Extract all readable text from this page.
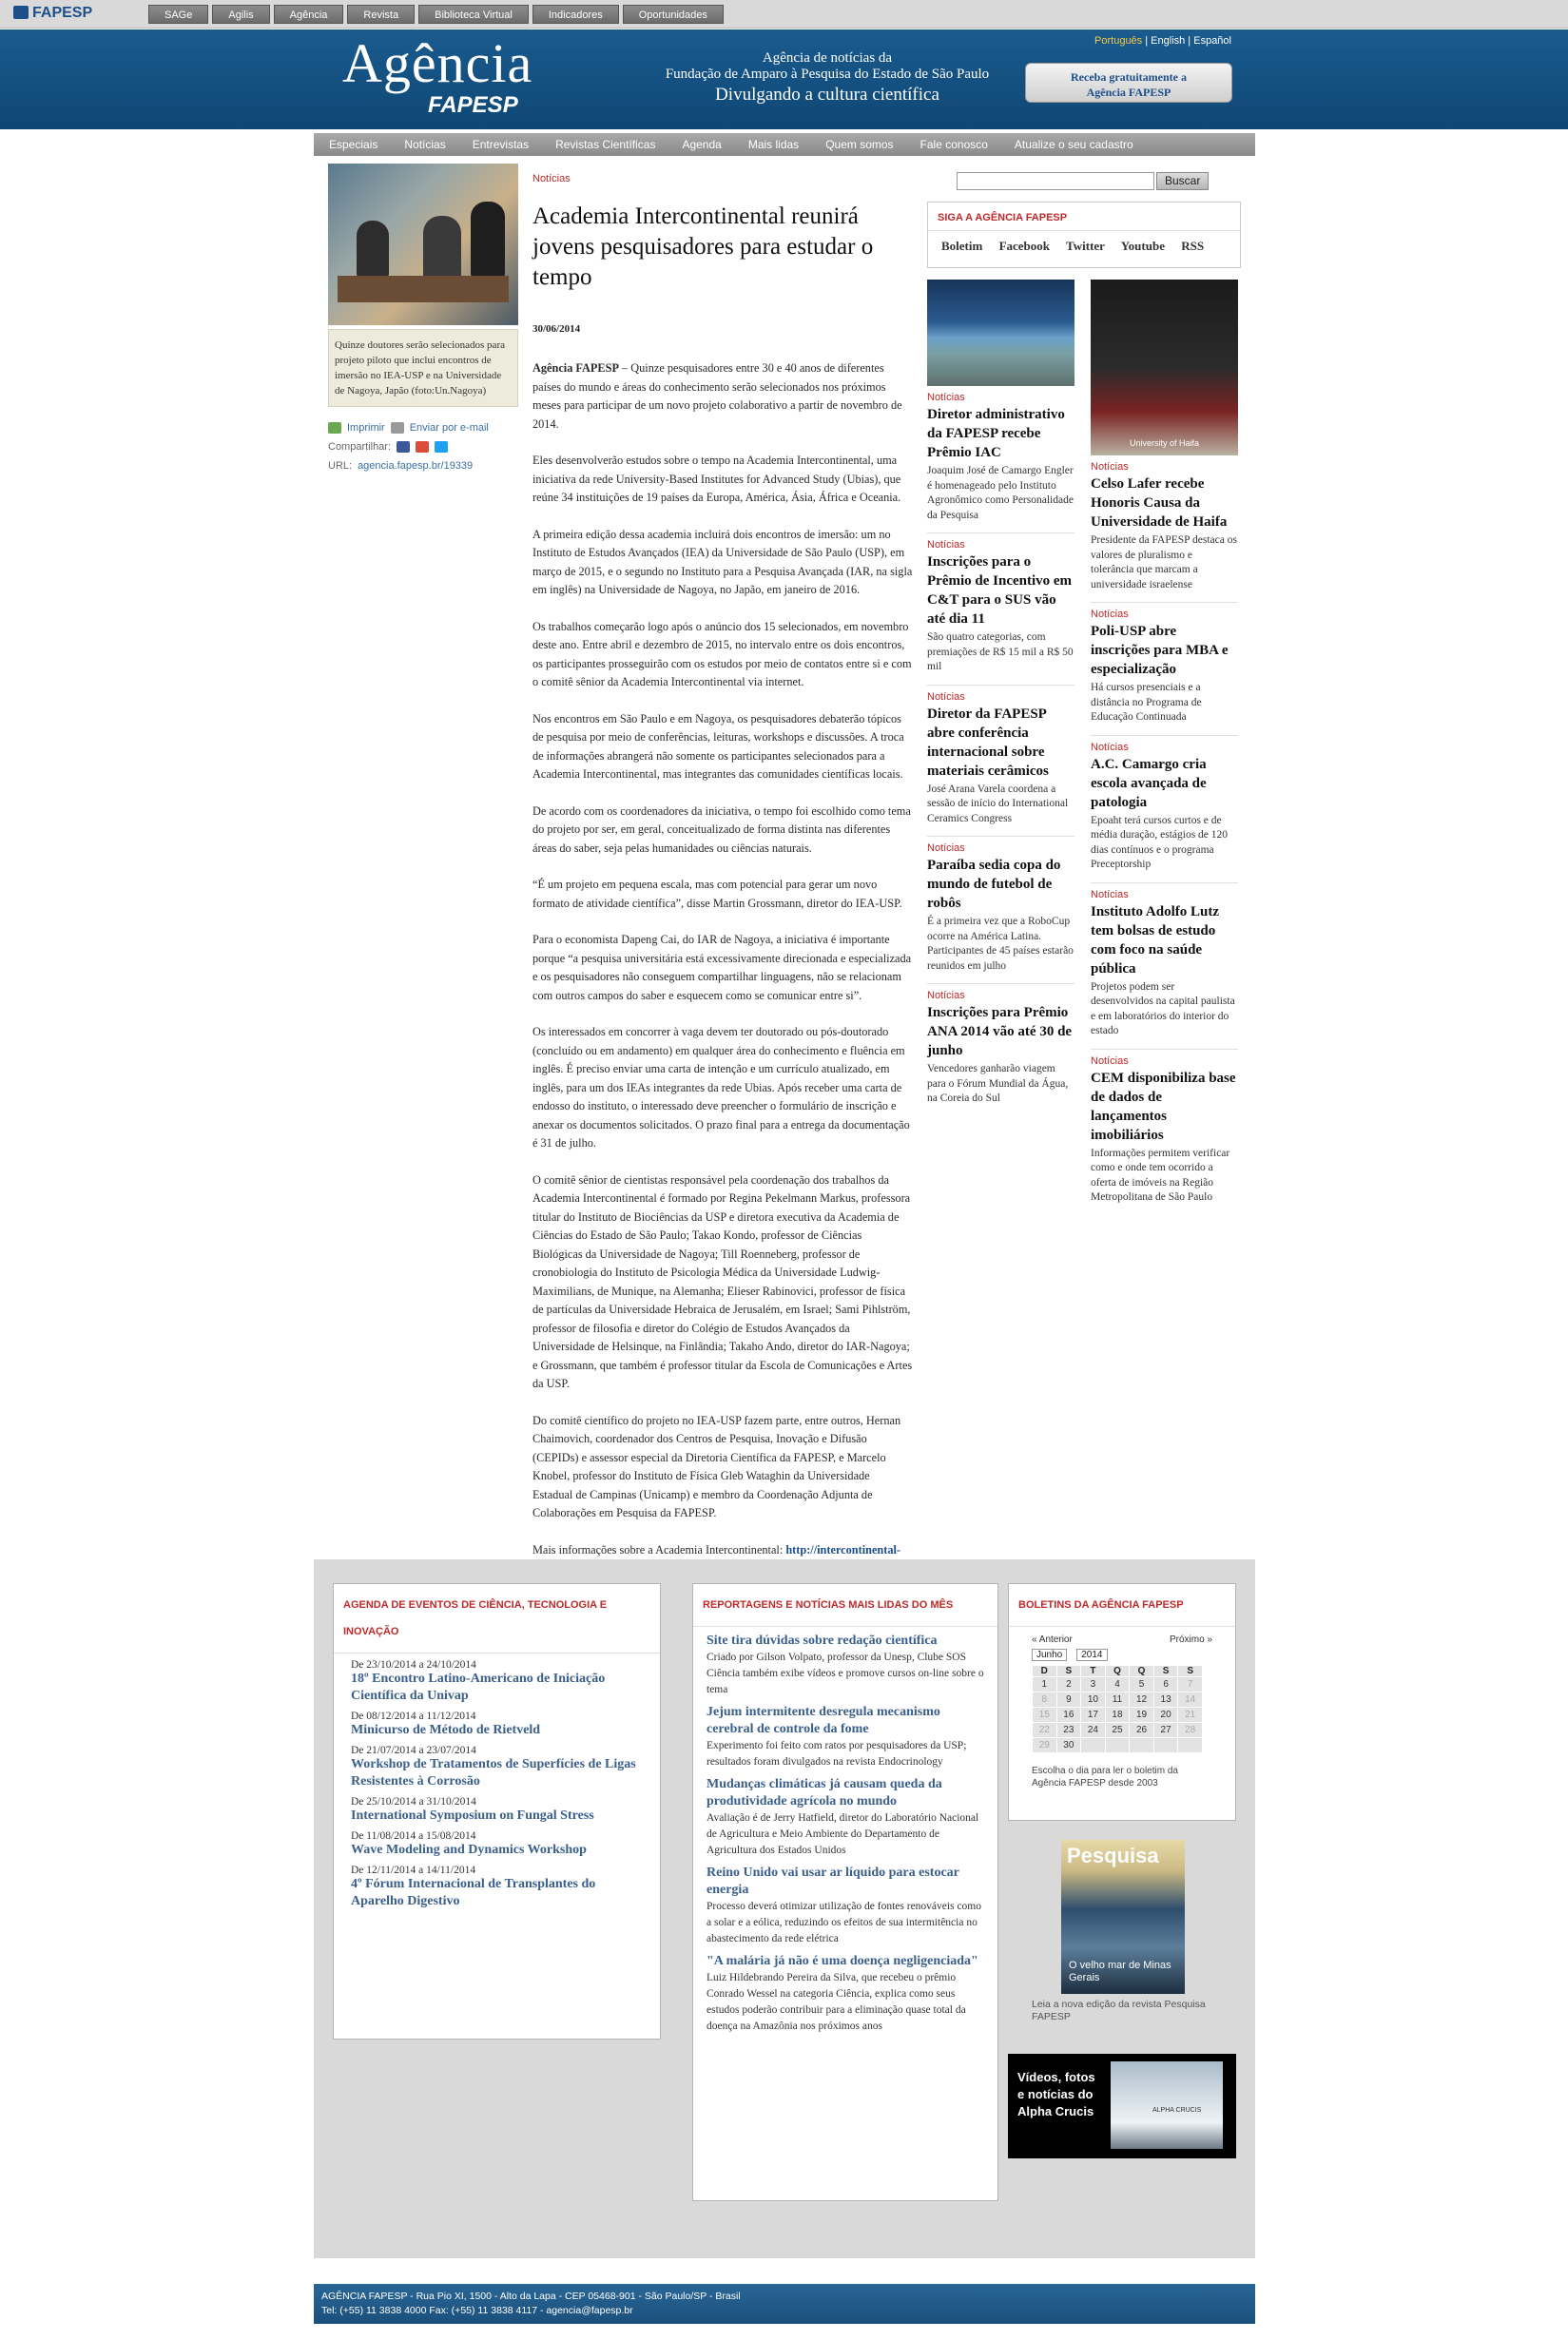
FAPESP	SAGe	Agilis	Agência	Revista	Biblioteca Virtual	Indicadores	Oportunidades
Agência
FAPESP
Agência de notícias da
Fundação de Amparo à Pesquisa do Estado de São Paulo
Divulgando a cultura científica
Português | English | Español
Receba gratuitamente a
Agência FAPESP
Especiais Notícias Entrevistas Revistas Científicas Agenda Mais lidas Quem somos Fale conosco Atualize o seu cadastro
Quinze doutores serão selecionados para projeto piloto que inclui encontros de imersão no IEA-USP e na Universidade de Nagoya, Japão (foto:Un.Nagoya)
Imprimir Enviar por e-mail
Compartilhar:
URL: agencia.fapesp.br/19339
Notícias
Academia Intercontinental reunirá jovens pesquisadores para estudar o tempo
30/06/2014

Agência FAPESP – Quinze pesquisadores entre 30 e 40 anos de diferentes países do mundo e áreas do conhecimento serão selecionados nos próximos meses para participar de um novo projeto colaborativo a partir de novembro de 2014.

Eles desenvolverão estudos sobre o tempo na Academia Intercontinental, uma iniciativa da rede University-Based Institutes for Advanced Study (Ubias), que reúne 34 instituições de 19 países da Europa, América, Ásia, África e Oceania.

A primeira edição dessa academia incluirá dois encontros de imersão: um no Instituto de Estudos Avançados (IEA) da Universidade de São Paulo (USP), em março de 2015, e o segundo no Instituto para a Pesquisa Avançada (IAR, na sigla em inglês) na Universidade de Nagoya, no Japão, em janeiro de 2016.

Os trabalhos começarão logo após o anúncio dos 15 selecionados, em novembro deste ano. Entre abril e dezembro de 2015, no intervalo entre os dois encontros, os participantes prosseguirão com os estudos por meio de contatos entre si e com o comitê sênior da Academia Intercontinental via internet.

Nos encontros em São Paulo e em Nagoya, os pesquisadores debaterão tópicos de pesquisa por meio de conferências, leituras, workshops e discussões. A troca de informações abrangerá não somente os participantes selecionados para a Academia Intercontinental, mas integrantes das comunidades científicas locais.

De acordo com os coordenadores da iniciativa, o tempo foi escolhido como tema do projeto por ser, em geral, conceitualizado de forma distinta nas diferentes áreas do saber, seja pelas humanidades ou ciências naturais.

“É um projeto em pequena escala, mas com potencial para gerar um novo formato de atividade científica”, disse Martin Grossmann, diretor do IEA-USP.

Para o economista Dapeng Cai, do IAR de Nagoya, a iniciativa é importante porque “a pesquisa universitária está excessivamente direcionada e especializada e os pesquisadores não conseguem compartilhar linguagens, não se relacionam com outros campos do saber e esquecem como se comunicar entre si”.

Os interessados em concorrer à vaga devem ter doutorado ou pós-doutorado (concluído ou em andamento) em qualquer área do conhecimento e fluência em inglês. É preciso enviar uma carta de intenção e um currículo atualizado, em inglês, para um dos IEAs integrantes da rede Ubias. Após receber uma carta de endosso do instituto, o interessado deve preencher o formulário de inscrição e anexar os documentos solicitados. O prazo final para a entrega da documentação é 31 de julho.

O comitê sênior de cientistas responsável pela coordenação dos trabalhos da Academia Intercontinental é formado por Regina Pekelmann Markus, professora titular do Instituto de Biociências da USP e diretora executiva da Academia de Ciências do Estado de São Paulo; Takao Kondo, professor de Ciências Biológicas da Universidade de Nagoya; Till Roenneberg, professor de cronobiologia do Instituto de Psicologia Médica da Universidade Ludwig-Maximilians, de Munique, na Alemanha; Elieser Rabinovici, professor de física de partículas da Universidade Hebraica de Jerusalém, em Israel; Sami Pihlström, professor de filosofia e diretor do Colégio de Estudos Avançados da Universidade de Helsinque, na Finlândia; Takaho Ando, diretor do IAR-Nagoya; e Grossmann, que também é professor titular da Escola de Comunicações e Artes da USP.

Do comitê científico do projeto no IEA-USP fazem parte, entre outros, Hernan Chaimovich, coordenador dos Centros de Pesquisa, Inovação e Difusão (CEPIDs) e assessor especial da Diretoria Científica da FAPESP, e Marcelo Knobel, professor do Instituto de Física Gleb Wataghin da Universidade Estadual de Campinas (Unicamp) e membro da Coordenação Adjunta de Colaborações em Pesquisa da FAPESP.

Mais informações sobre a Academia Intercontinental: http://intercontinental-

Buscar
SIGA A AGÊNCIA FAPESP
Boletim Facebook Twitter Youtube RSS
Notícias
Diretor administrativo da FAPESP recebe Prêmio IAC
Joaquim José de Camargo Engler é homenageado pelo Instituto Agronômico como Personalidade da Pesquisa
Notícias
Inscrições para o Prêmio de Incentivo em C&T para o SUS vão até dia 11
São quatro categorias, com premiações de R$ 15 mil a R$ 50 mil
Notícias
Diretor da FAPESP abre conferência internacional sobre materiais cerâmicos
José Arana Varela coordena a sessão de início do International Ceramics Congress
Notícias
Paraíba sedia copa do mundo de futebol de robôs
É a primeira vez que a RoboCup ocorre na América Latina. Participantes de 45 países estarão reunidos em julho
Notícias
Inscrições para Prêmio ANA 2014 vão até 30 de junho
Vencedores ganharão viagem para o Fórum Mundial da Água, na Coreia do Sul
University of Haifa
Notícias
Celso Lafer recebe Honoris Causa da Universidade de Haifa
Presidente da FAPESP destaca os valores de pluralismo e tolerância que marcam a universidade israelense
Notícias
Poli-USP abre inscrições para MBA e especialização
Há cursos presenciais e a distância no Programa de Educação Continuada
Notícias
A.C. Camargo cria escola avançada de patologia
Epoaht terá cursos curtos e de média duração, estágios de 120 dias contínuos e o programa Preceptorship
Notícias
Instituto Adolfo Lutz tem bolsas de estudo com foco na saúde pública
Projetos podem ser desenvolvidos na capital paulista e em laboratórios do interior do estado
Notícias
CEM disponibiliza base de dados de lançamentos imobiliários
Informações permitem verificar como e onde tem ocorrido a oferta de imóveis na Região Metropolitana de São Paulo
AGENDA DE EVENTOS DE CIÊNCIA, TECNOLOGIA E INOVAÇÃO
De 23/10/2014 a 24/10/2014
18º Encontro Latino-Americano de Iniciação Científica da Univap
De 08/12/2014 a 11/12/2014
Minicurso de Método de Rietveld
De 21/07/2014 a 23/07/2014
Workshop de Tratamentos de Superfícies de Ligas Resistentes à Corrosão
De 25/10/2014 a 31/10/2014
International Symposium on Fungal Stress
De 11/08/2014 a 15/08/2014
Wave Modeling and Dynamics Workshop
De 12/11/2014 a 14/11/2014
4º Fórum Internacional de Transplantes do Aparelho Digestivo
REPORTAGENS E NOTÍCIAS MAIS LIDAS DO MÊS
Site tira dúvidas sobre redação científica
Criado por Gilson Volpato, professor da Unesp, Clube SOS Ciência também exibe vídeos e promove cursos on-line sobre o tema
Jejum intermitente desregula mecanismo cerebral de controle da fome
Experimento foi feito com ratos por pesquisadores da USP; resultados foram divulgados na revista Endocrinology
Mudanças climáticas já causam queda da produtividade agrícola no mundo
Avaliação é de Jerry Hatfield, diretor do Laboratório Nacional de Agricultura e Meio Ambiente do Departamento de Agricultura dos Estados Unidos
Reino Unido vai usar ar líquido para estocar energia
Processo deverá otimizar utilização de fontes renováveis como a solar e a eólica, reduzindo os efeitos de sua intermitência no abastecimento da rede elétrica
"A malária já não é uma doença negligenciada"
Luiz Hildebrando Pereira da Silva, que recebeu o prêmio Conrado Wessel na categoria Ciência, explica como seus estudos poderão contribuir para a eliminação quase total da doença na Amazônia nos próximos anos
BOLETINS DA AGÊNCIA FAPESP
« Anterior	Próximo »
Junho	2014
D	S	T	Q	Q	S	S
1	2	3	4	5	6	7
8	9	10	11	12	13	14
15	16	17	18	19	20	21
22	23	24	25	26	27	28
29	30					
Escolha o dia para ler o boletim da Agência FAPESP desde 2003
Pesquisa
O velho mar de Minas Gerais
Leia a nova edição da revista Pesquisa FAPESP
Vídeos, fotos e notícias do Alpha Crucis	ALPHA CRUCIS
AGÊNCIA FAPESP - Rua Pio XI, 1500 - Alto da Lapa - CEP 05468-901 - São Paulo/SP - Brasil
Tel: (+55) 11 3838 4000 Fax: (+55) 11 3838 4117 - agencia@fapesp.br
